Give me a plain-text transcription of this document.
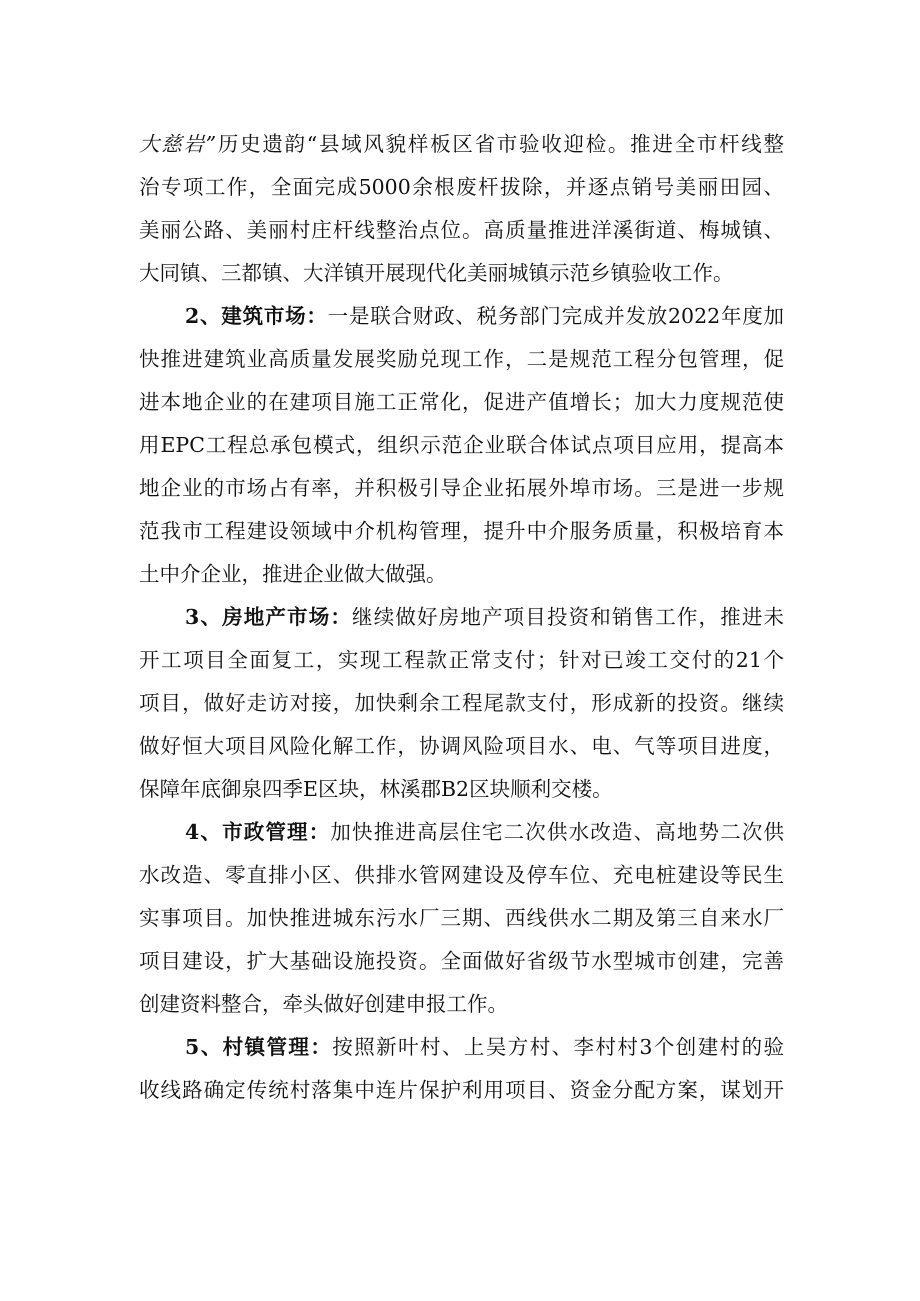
大慈岩”历史遗韵“县域风貌样板区省市验收迎检。推进全市杆线整
治专项工作，全面完成5000余根废杆拔除，并逐点销号美丽田园、
美丽公路、美丽村庄杆线整治点位。高质量推进洋溪街道、梅城镇、
大同镇、三都镇、大洋镇开展现代化美丽城镇示范乡镇验收工作。
2、建筑市场：一是联合财政、税务部门完成并发放2022年度加
快推进建筑业高质量发展奖励兑现工作，二是规范工程分包管理，促
进本地企业的在建项目施工正常化，促进产值增长；加大力度规范使
用EPC工程总承包模式，组织示范企业联合体试点项目应用，提高本
地企业的市场占有率，并积极引导企业拓展外埠市场。三是进一步规
范我市工程建设领域中介机构管理，提升中介服务质量，积极培育本
土中介企业，推进企业做大做强。
3、房地产市场：继续做好房地产项目投资和销售工作，推进未
开工项目全面复工，实现工程款正常支付；针对已竣工交付的21个
项目，做好走访对接，加快剩余工程尾款支付，形成新的投资。继续
做好恒大项目风险化解工作，协调风险项目水、电、气等项目进度，
保障年底御泉四季E区块，林溪郡B2区块顺利交楼。
4、市政管理：加快推进高层住宅二次供水改造、高地势二次供
水改造、零直排小区、供排水管网建设及停车位、充电桩建设等民生
实事项目。加快推进城东污水厂三期、西线供水二期及第三自来水厂
项目建设，扩大基础设施投资。全面做好省级节水型城市创建，完善
创建资料整合，牵头做好创建申报工作。
5、村镇管理：按照新叶村、上吴方村、李村村3个创建村的验
收线路确定传统村落集中连片保护利用项目、资金分配方案，谋划开
